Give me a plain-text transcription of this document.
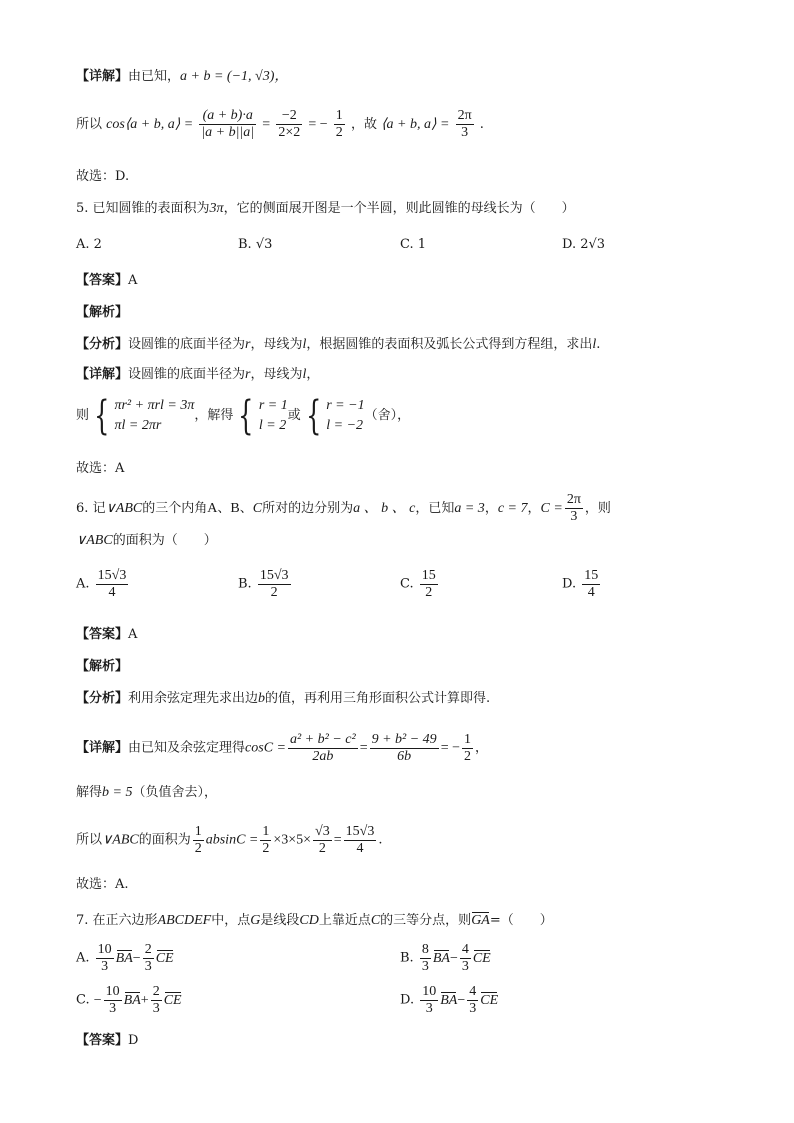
【详解】由已知，a + b = (−1, √3)，
所以 cos⟨a + b, a⟩ = $\frac{(a + b)\cdot a}{|a + b||a|} = \frac{-2}{2\times 2}$ = − $\frac{1}{2}$ ，故 ⟨a + b, a⟩ = $\frac{2\pi}{3}$ .
故选：D.
5. 已知圆锥的表面积为3π，它的侧面展开图是一个半圆，则此圆锥的母线长为（　　）
A. 2	B. √3	C. 1	D. 2√3
【答案】A
【解析】
【分析】设圆锥的底面半径为r，母线为l，根据圆锥的表面积及弧长公式得到方程组，求出l.
【详解】设圆锥的底面半径为r，母线为l，
则 { πr² + πrl = 3π
πl = 2πr
，解得 { r = 1
l = 2
或 { r = −1
l = −2
（舍），
故选：A
6. 记∨ABC的三个内角A、B、C所对的边分别为a 、 b 、 c，已知a = 3，c = 7，$C = \frac{2\pi}{3}$ ，则
∨ABC的面积为（　　）
A. $\frac{15√3}{4}$	B. $\frac{15√3}{2}$	C. $\frac{15}{2}$	D. $\frac{15}{4}$
【答案】A
【解析】
【分析】利用余弦定理先求出边b的值，再利用三角形面积公式计算即得.
【详解】由已知及余弦定理得$\cos C = \frac{\text{a² + b² − c²}}{2ab} = \frac{\text{9 + b² − 49}}{6b}$ = − $\frac{1}{2}$ ，
解得b = 5（负值舍去），
所以∨ABC的面积为 $\frac{1}{2}$ $absinC = \frac{1}{2} \times 3\times 5\times \frac{√3}{2} = \frac{15√3}{4}$ .
故选：A.
7. 在正六边形ABCDEF中，点G是线段CD上靠近点C的三等分点，则GA=（　　）
A. $\frac{10}{3} BA- \frac{2}{3}$ CE	B. $\frac{8}{3} BA- \frac{4}{3}$ CE
C. − $\frac{10}{3} BA+ \frac{2}{3}$ CE	D. $\frac{10}{3} BA- \frac{4}{3}$ CE
【答案】D
